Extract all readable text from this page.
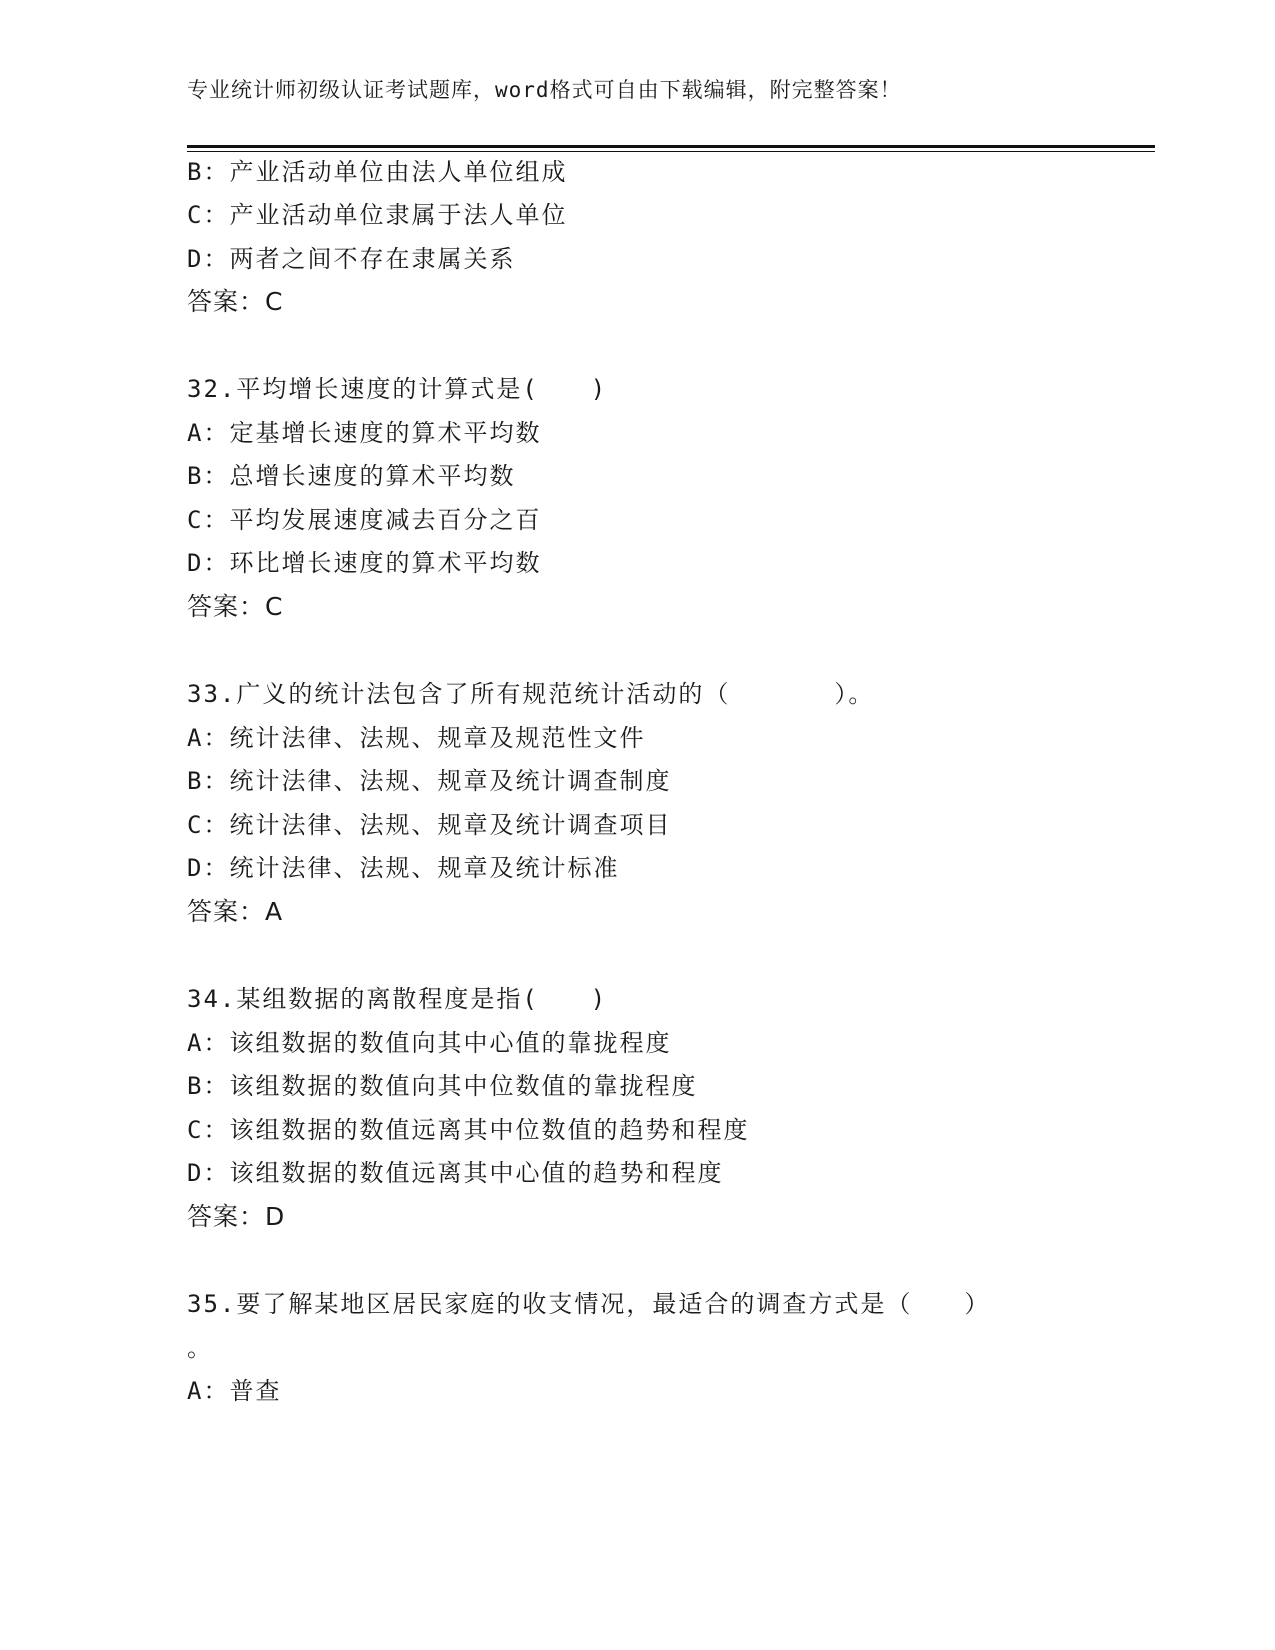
专业统计师初级认证考试题库，word格式可自由下载编辑，附完整答案！
B：产业活动单位由法人单位组成
C：产业活动单位隶属于法人单位
D：两者之间不存在隶属关系
答案：C
32.平均增长速度的计算式是(　　)
A：定基增长速度的算术平均数
B：总增长速度的算术平均数
C：平均发展速度减去百分之百
D：环比增长速度的算术平均数
答案：C
33.广义的统计法包含了所有规范统计活动的（　　　　）。
A：统计法律、法规、规章及规范性文件
B：统计法律、法规、规章及统计调查制度
C：统计法律、法规、规章及统计调查项目
D：统计法律、法规、规章及统计标准
答案：A
34.某组数据的离散程度是指(　　)
A：该组数据的数值向其中心值的靠拢程度
B：该组数据的数值向其中位数值的靠拢程度
C：该组数据的数值远离其中位数值的趋势和程度
D：该组数据的数值远离其中心值的趋势和程度
答案：D
35.要了解某地区居民家庭的收支情况，最适合的调查方式是（　　）
。
A：普查
